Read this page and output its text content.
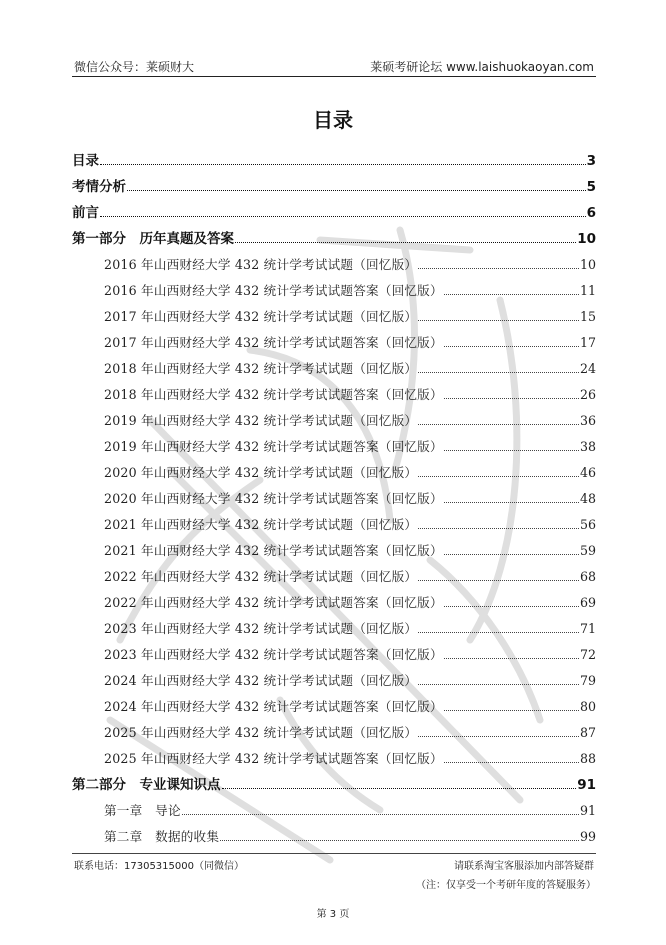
微信公众号：莱硕财大	莱硕考研论坛 www.laishuokaoyan.com
目录
目录	3
考情分析	5
前言	6
第一部分　历年真题及答案	10
2016 年山西财经大学 432 统计学考试试题（回忆版）	10
2016 年山西财经大学 432 统计学考试试题答案（回忆版）	11
2017 年山西财经大学 432 统计学考试试题（回忆版）	15
2017 年山西财经大学 432 统计学考试试题答案（回忆版）	17
2018 年山西财经大学 432 统计学考试试题（回忆版）	24
2018 年山西财经大学 432 统计学考试试题答案（回忆版）	26
2019 年山西财经大学 432 统计学考试试题（回忆版）	36
2019 年山西财经大学 432 统计学考试试题答案（回忆版）	38
2020 年山西财经大学 432 统计学考试试题（回忆版）	46
2020 年山西财经大学 432 统计学考试试题答案（回忆版）	48
2021 年山西财经大学 432 统计学考试试题（回忆版）	56
2021 年山西财经大学 432 统计学考试试题答案（回忆版）	59
2022 年山西财经大学 432 统计学考试试题（回忆版）	68
2022 年山西财经大学 432 统计学考试试题答案（回忆版）	69
2023 年山西财经大学 432 统计学考试试题（回忆版）	71
2023 年山西财经大学 432 统计学考试试题答案（回忆版）	72
2024 年山西财经大学 432 统计学考试试题（回忆版）	79
2024 年山西财经大学 432 统计学考试试题答案（回忆版）	80
2025 年山西财经大学 432 统计学考试试题（回忆版）	87
2025 年山西财经大学 432 统计学考试试题答案（回忆版）	88
第二部分　专业课知识点	91
第一章　导论	91
第二章　数据的收集	99
联系电话：17305315000（同微信）	请联系淘宝客服添加内部答疑群
（注：仅享受一个考研年度的答疑服务）
第 3 页
